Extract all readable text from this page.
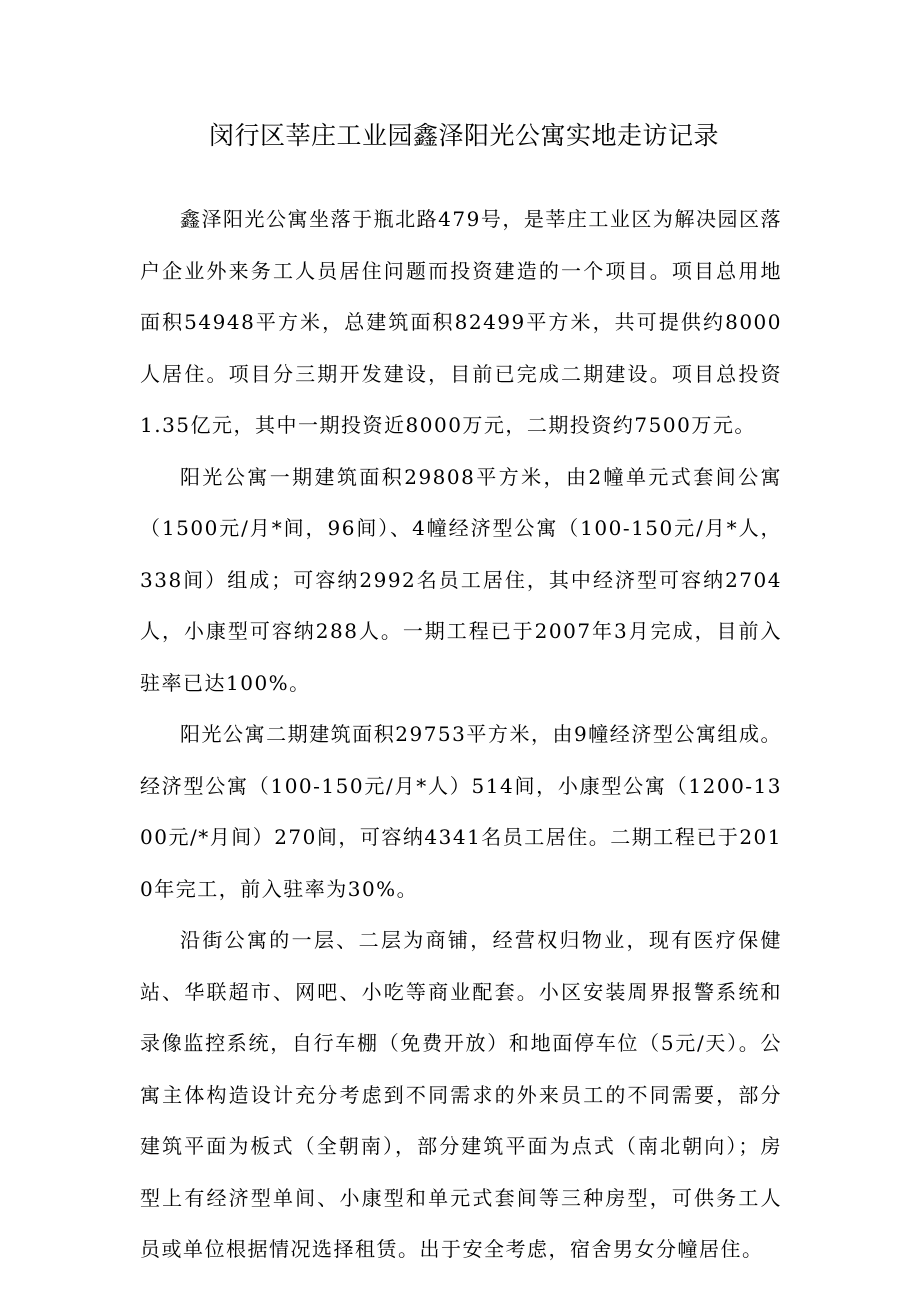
闵行区莘庄工业园鑫泽阳光公寓实地走访记录

鑫泽阳光公寓坐落于瓶北路479号，是莘庄工业区为解决园区落户企业外来务工人员居住问题而投资建造的一个项目。项目总用地面积54948平方米，总建筑面积82499平方米，共可提供约8000人居住。项目分三期开发建设，目前已完成二期建设。项目总投资1.35亿元，其中一期投资近8000万元，二期投资约7500万元。

阳光公寓一期建筑面积29808平方米，由2幢单元式套间公寓（1500元/月*间，96间）、4幢经济型公寓（100-150元/月*人，338间）组成；可容纳2992名员工居住，其中经济型可容纳2704人，小康型可容纳288人。一期工程已于2007年3月完成，目前入驻率已达100%。

阳光公寓二期建筑面积29753平方米，由9幢经济型公寓组成。经济型公寓（100-150元/月*人）514间，小康型公寓（1200-1300元/*月间）270间，可容纳4341名员工居住。二期工程已于2010年完工，前入驻率为30%。

沿街公寓的一层、二层为商铺，经营权归物业，现有医疗保健站、华联超市、网吧、小吃等商业配套。小区安装周界报警系统和录像监控系统，自行车棚（免费开放）和地面停车位（5元/天）。公寓主体构造设计充分考虑到不同需求的外来员工的不同需要，部分建筑平面为板式（全朝南），部分建筑平面为点式（南北朝向）；房型上有经济型单间、小康型和单元式套间等三种房型，可供务工人员或单位根据情况选择租赁。出于安全考虑，宿舍男女分幢居住。
